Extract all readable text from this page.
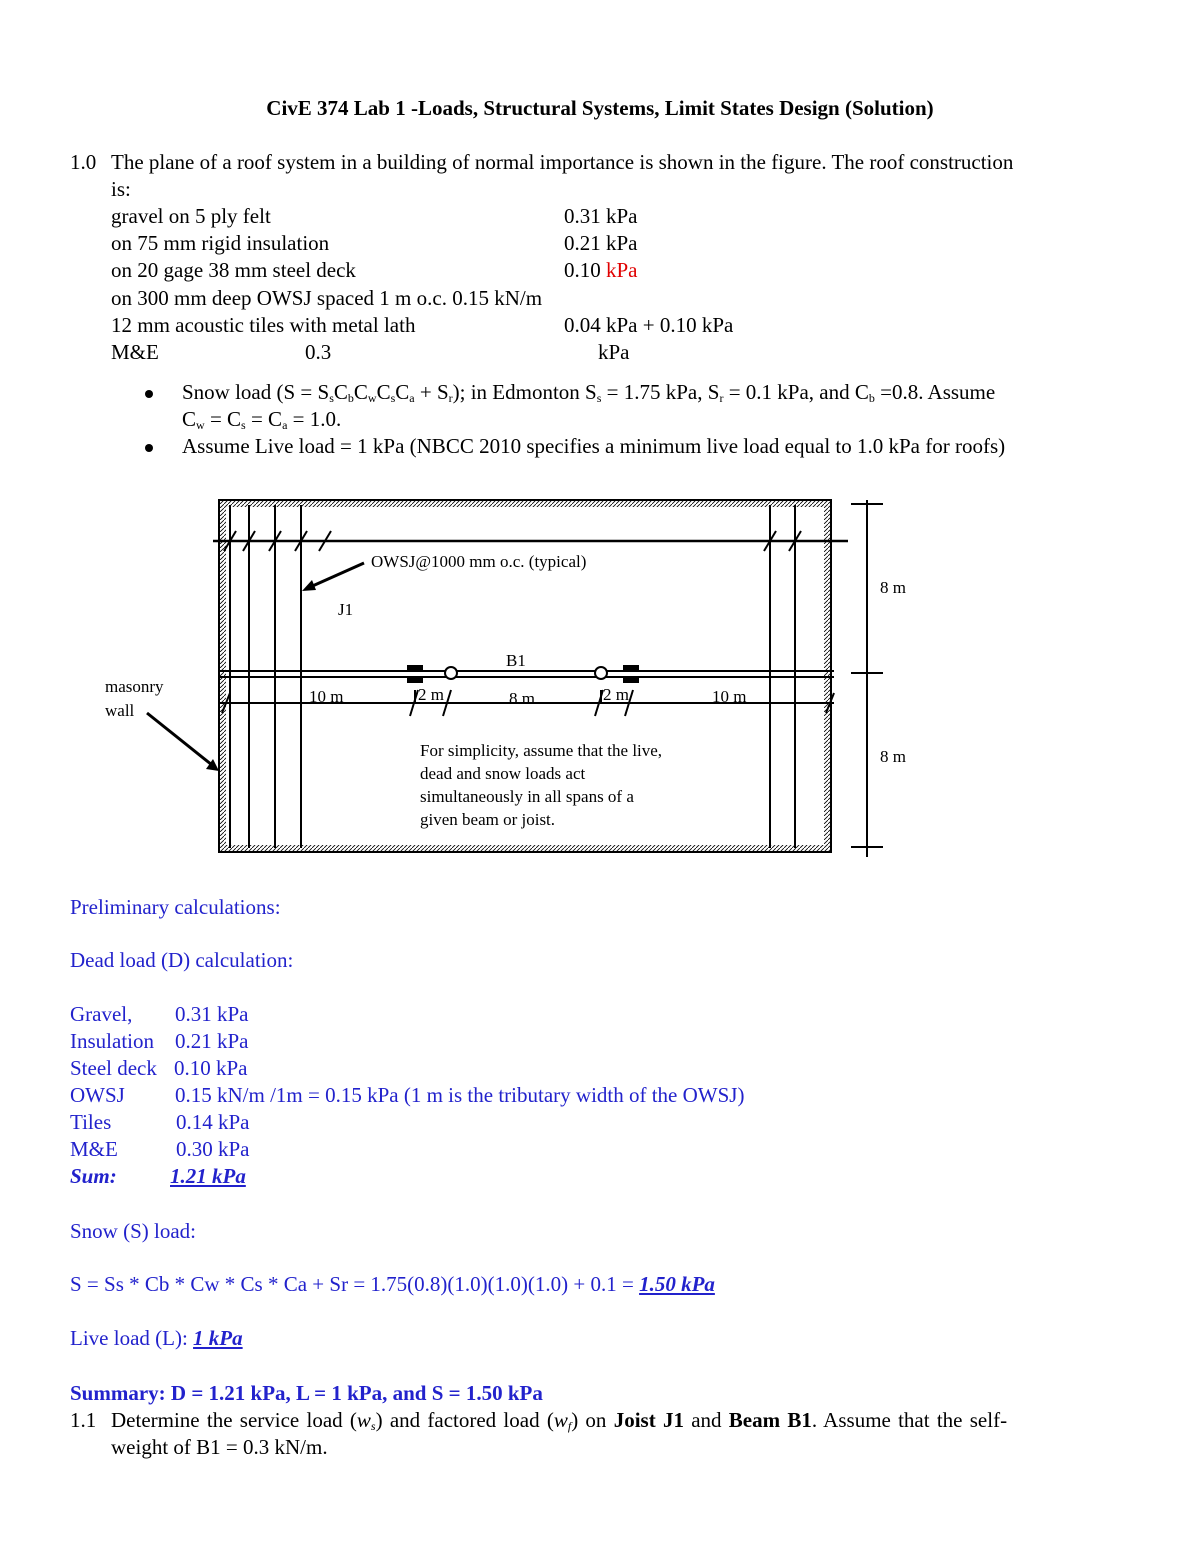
CivE 374 Lab 1 -Loads, Structural Systems, Limit States Design (Solution)
1.0 The plane of a roof system in a building of normal importance is shown in the figure. The roof construction
is:
gravel on 5 ply felt	0.31 kPa
on 75 mm rigid insulation	0.21 kPa
on 20 gage 38 mm steel deck	0.10 kPa
on 300 mm deep OWSJ spaced 1 m o.c. 0.15 kN/m
12 mm acoustic tiles with metal lath	0.04 kPa + 0.10 kPa
M&E	0.3	kPa
Snow load $(S = S_sC_bC_wC_sC_a + S_r)$; in Edmonton $S_s = 1.75$ kPa, $S_r = 0.1$ kPa, and $C_b =0.8$. Assume
$C_w = C_s = C_a = 1.0$.
Assume Live load = 1 kPa (NBCC 2010 specifies a minimum live load equal to 1.0 kPa for roofs)
OWSJ@1000 mm o.c. (typical)
J1
B1
masonry
wall
10 m	2 m	8 m	2 m	10 m
8 m
8 m
For simplicity, assume that the live,
dead and snow loads act
simultaneously in all spans of a
given beam or joist.
Preliminary calculations:
Dead load (D) calculation:
Gravel, 0.31 kPa
Insulation 0.21 kPa
Steel deck 0.10 kPa
OWSJ 0.15 kN/m /1m = 0.15 kPa (1 m is the tributary width of the OWSJ)
Tiles	0.14 kPa
M&E	0.30 kPa
Sum:	1.21 kPa
Snow (S) load:
S = Ss * Cb * Cw * Cs * Ca + Sr = 1.75(0.8)(1.0)(1.0)(1.0) + 0.1 = 1.50 kPa
Live load (L): 1 kPa
Summary: D = 1.21 kPa, L = 1 kPa, and S = 1.50 kPa
1.1 Determine the service load $(w_s)$ and factored load $(w_f)$ on Joist J1 and Beam B1. Assume that the self-
weight of B1 = 0.3 kN/m.
